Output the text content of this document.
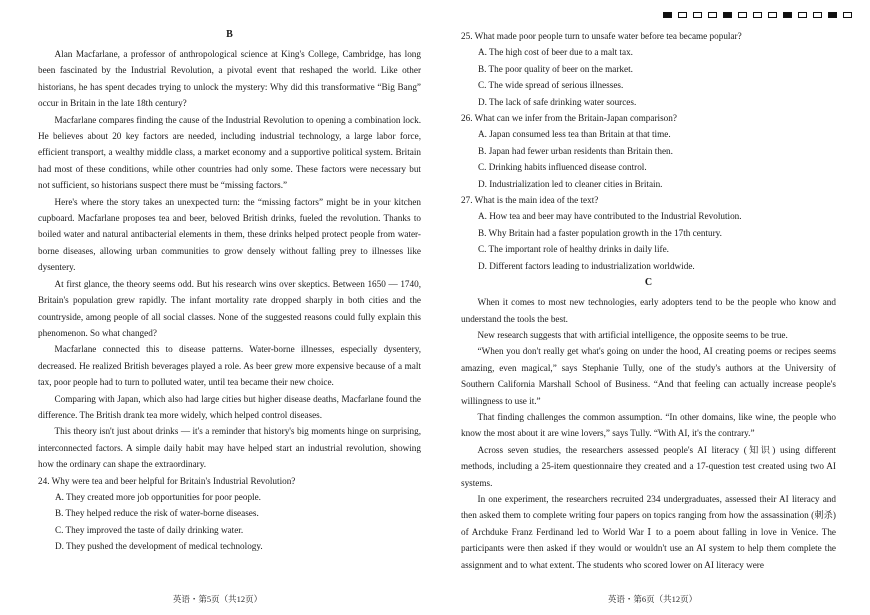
B

Alan Macfarlane, a professor of anthropological science at King's College, Cambridge, has long been fascinated by the Industrial Revolution, a pivotal event that reshaped the world. Like other historians, he has spent decades trying to unlock the mystery: Why did this transformative “Big Bang” occur in Britain in the late 18th century?

Macfarlane compares finding the cause of the Industrial Revolution to opening a combination lock. He believes about 20 key factors are needed, including industrial technology, a large labor force, efficient transport, a wealthy middle class, a market economy and a supportive political system. Britain had most of these conditions, while other countries had only some. These factors were necessary but not sufficient, so historians suspect there must be “missing factors.”

Here's where the story takes an unexpected turn: the “missing factors” might be in your kitchen cupboard. Macfarlane proposes tea and beer, beloved British drinks, fueled the revolution. Thanks to boiled water and natural antibacterial elements in them, these drinks helped protect people from water-borne diseases, allowing urban communities to grow densely without falling prey to illnesses like dysentery.

At first glance, the theory seems odd. But his research wins over skeptics. Between 1650 — 1740, Britain's population grew rapidly. The infant mortality rate dropped sharply in both cities and the countryside, among people of all social classes. None of the suggested reasons could fully explain this phenomenon. So what changed?

Macfarlane connected this to disease patterns. Water-borne illnesses, especially dysentery, decreased. He realized British beverages played a role. As beer grew more expensive because of a malt tax, poor people had to turn to polluted water, until tea became their new choice.

Comparing with Japan, which also had large cities but higher disease deaths, Macfarlane found the difference. The British drank tea more widely, which helped control diseases.

This theory isn't just about drinks — it's a reminder that history's big moments hinge on surprising, interconnected factors. A simple daily habit may have helped start an industrial revolution, showing how the ordinary can shape the extraordinary.

24. Why were tea and beer helpful for Britain's Industrial Revolution?

A. They created more job opportunities for poor people.

B. They helped reduce the risk of water-borne diseases.

C. They improved the taste of daily drinking water.

D. They pushed the development of medical technology.

英语・第5页（共12页）

25. What made poor people turn to unsafe water before tea became popular?

A. The high cost of beer due to a malt tax.

B. The poor quality of beer on the market.

C. The wide spread of serious illnesses.

D. The lack of safe drinking water sources.

26. What can we infer from the Britain-Japan comparison?

A. Japan consumed less tea than Britain at that time.

B. Japan had fewer urban residents than Britain then.

C. Drinking habits influenced disease control.

D. Industrialization led to cleaner cities in Britain.

27. What is the main idea of the text?

A. How tea and beer may have contributed to the Industrial Revolution.

B. Why Britain had a faster population growth in the 17th century.

C. The important role of healthy drinks in daily life.

D. Different factors leading to industrialization worldwide.

C

When it comes to most new technologies, early adopters tend to be the people who know and understand the tools the best.

New research suggests that with artificial intelligence, the opposite seems to be true.

“When you don't really get what's going on under the hood, AI creating poems or recipes seems amazing, even magical,” says Stephanie Tully, one of the study's authors at the University of Southern California Marshall School of Business. “And that feeling can actually increase people's willingness to use it.”

That finding challenges the common assumption. “In other domains, like wine, the people who know the most about it are wine lovers,” says Tully. “With AI, it's the contrary.”

Across seven studies, the researchers assessed people's AI literacy (知识) using different methods, including a 25-item questionnaire they created and a 17-question test created using two AI systems.

In one experiment, the researchers recruited 234 undergraduates, assessed their AI literacy and then asked them to complete writing four papers on topics ranging from how the assassination (刺杀) of Archduke Franz Ferdinand led to World War Ⅰ to a poem about falling in love in Venice. The participants were then asked if they would or wouldn't use an AI system to help them complete the assignment and to what extent. The students who scored lower on AI literacy were

英语・第6页（共12页）
